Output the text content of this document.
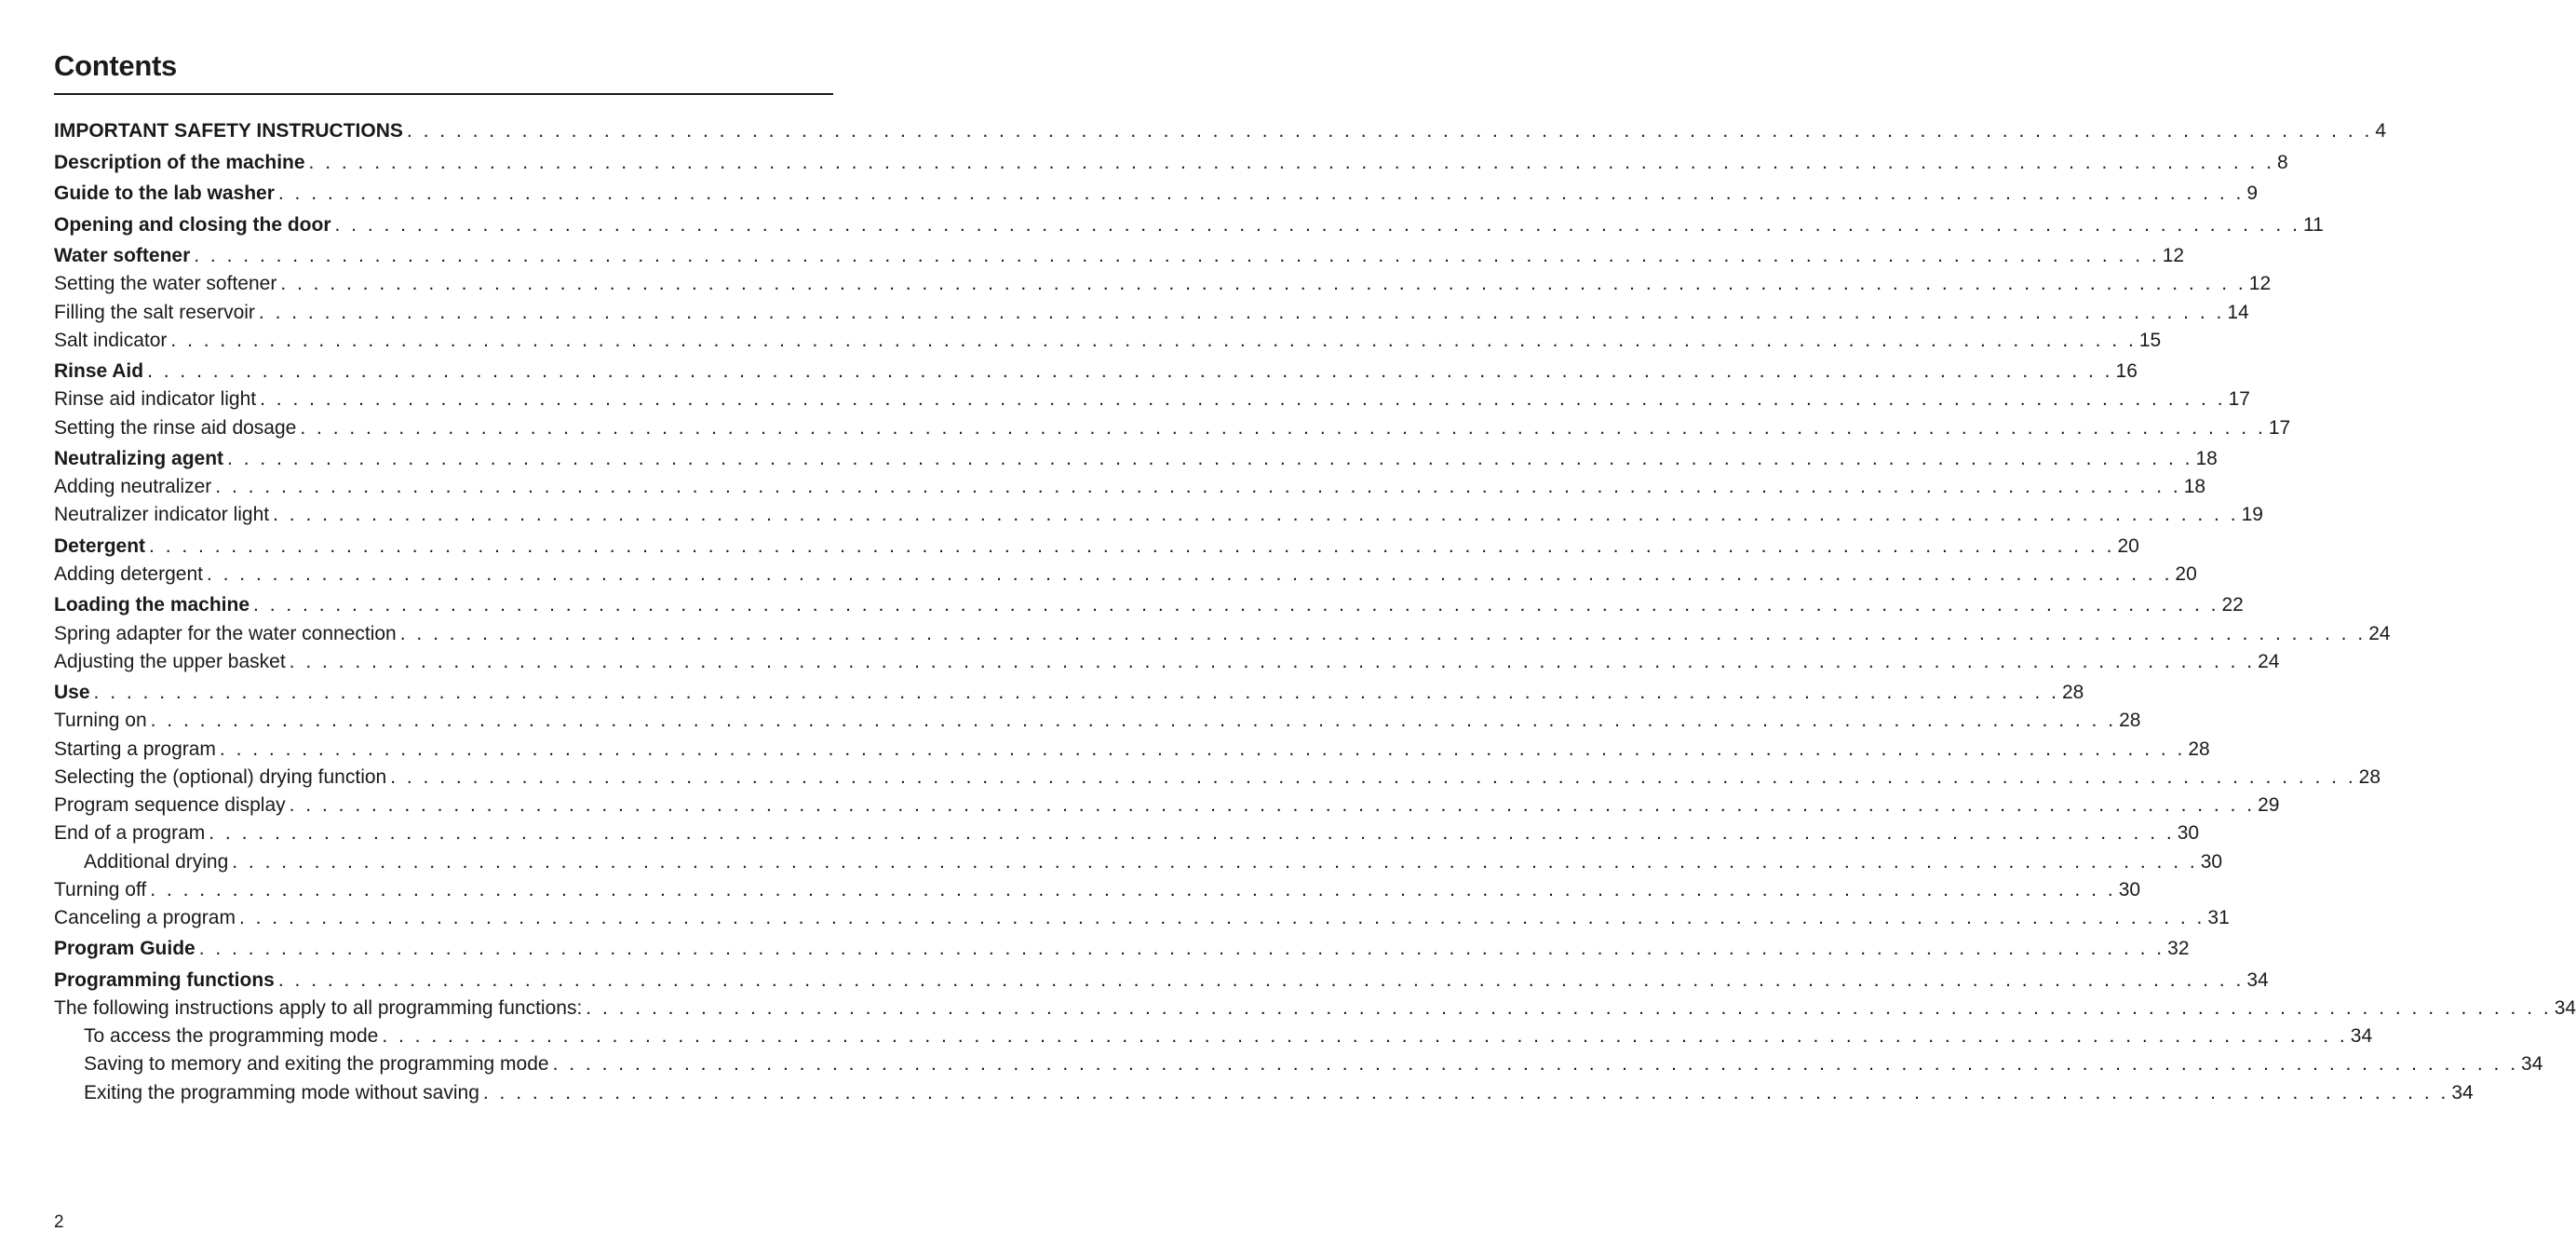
Contents
IMPORTANT SAFETY INSTRUCTIONS . . . . . . . . . . . . . . . . . . . . . . . . . . . . . . . . . . . . . . . . . . . . . . . . . . . . . . . . . . . . . . . . . . . . . . . . . . . . . . . . . . . . . . . . . . . . . . . . . . . . . . . . . . . . . . . . . . . . . . . . 4
Description of the machine . . . . . . . . . . . . . . . . . . . . . . . . . . . . . . . . . . . . . . . . . . . . . . . . . . . . . . . . . . . . . . . . . . . . . . . . . . . . . . . . . . . . . . . . . . . . . . . . . . . . . . . . . . . . . . . . . . . . . . . . 8
Guide to the lab washer . . . . . . . . . . . . . . . . . . . . . . . . . . . . . . . . . . . . . . . . . . . . . . . . . . . . . . . . . . . . . . . . . . . . . . . . . . . . . . . . . . . . . . . . . . . . . . . . . . . . . . . . . . . . . . . . . . . . . . . . 9
Opening and closing the door . . . . . . . . . . . . . . . . . . . . . . . . . . . . . . . . . . . . . . . . . . . . . . . . . . . . . . . . . . . . . . . . . . . . . . . . . . . . . . . . . . . . . . . . . . . . . . . . . . . . . . . . . . . . . . . . . . . . . . . . 11
Water softener . . . . . . . . . . . . . . . . . . . . . . . . . . . . . . . . . . . . . . . . . . . . . . . . . . . . . . . . . . . . . . . . . . . . . . . . . . . . . . . . . . . . . . . . . . . . . . . . . . . . . . . . . . . . . . . . . . . . . . . . 12
Setting the water softener . . . . . . . . . . . . . . . . . . . . . . . . . . . . . . . . . . . . . . . . . . . . . . . . . . . . . . . . . . . . . . . . . . . . . . . . . . . . . . . . . . . . . . . . . . . . . . . . . . . . . . . . . . . . . . . . . . . . . . . . 12
Filling the salt reservoir . . . . . . . . . . . . . . . . . . . . . . . . . . . . . . . . . . . . . . . . . . . . . . . . . . . . . . . . . . . . . . . . . . . . . . . . . . . . . . . . . . . . . . . . . . . . . . . . . . . . . . . . . . . . . . . . . . . . . . . . 14
Salt indicator . . . . . . . . . . . . . . . . . . . . . . . . . . . . . . . . . . . . . . . . . . . . . . . . . . . . . . . . . . . . . . . . . . . . . . . . . . . . . . . . . . . . . . . . . . . . . . . . . . . . . . . . . . . . . . . . . . . . . . . . 15
Rinse Aid . . . . . . . . . . . . . . . . . . . . . . . . . . . . . . . . . . . . . . . . . . . . . . . . . . . . . . . . . . . . . . . . . . . . . . . . . . . . . . . . . . . . . . . . . . . . . . . . . . . . . . . . . . . . . . . . . . . . . . . . 16
Rinse aid indicator light . . . . . . . . . . . . . . . . . . . . . . . . . . . . . . . . . . . . . . . . . . . . . . . . . . . . . . . . . . . . . . . . . . . . . . . . . . . . . . . . . . . . . . . . . . . . . . . . . . . . . . . . . . . . . . . . . . . . . . . . 17
Setting the rinse aid dosage . . . . . . . . . . . . . . . . . . . . . . . . . . . . . . . . . . . . . . . . . . . . . . . . . . . . . . . . . . . . . . . . . . . . . . . . . . . . . . . . . . . . . . . . . . . . . . . . . . . . . . . . . . . . . . . . . . . . . . . . 17
Neutralizing agent . . . . . . . . . . . . . . . . . . . . . . . . . . . . . . . . . . . . . . . . . . . . . . . . . . . . . . . . . . . . . . . . . . . . . . . . . . . . . . . . . . . . . . . . . . . . . . . . . . . . . . . . . . . . . . . . . . . . . . . . 18
Adding neutralizer . . . . . . . . . . . . . . . . . . . . . . . . . . . . . . . . . . . . . . . . . . . . . . . . . . . . . . . . . . . . . . . . . . . . . . . . . . . . . . . . . . . . . . . . . . . . . . . . . . . . . . . . . . . . . . . . . . . . . . . . 18
Neutralizer indicator light . . . . . . . . . . . . . . . . . . . . . . . . . . . . . . . . . . . . . . . . . . . . . . . . . . . . . . . . . . . . . . . . . . . . . . . . . . . . . . . . . . . . . . . . . . . . . . . . . . . . . . . . . . . . . . . . . . . . . . . . 19
Detergent . . . . . . . . . . . . . . . . . . . . . . . . . . . . . . . . . . . . . . . . . . . . . . . . . . . . . . . . . . . . . . . . . . . . . . . . . . . . . . . . . . . . . . . . . . . . . . . . . . . . . . . . . . . . . . . . . . . . . . . . 20
Adding detergent . . . . . . . . . . . . . . . . . . . . . . . . . . . . . . . . . . . . . . . . . . . . . . . . . . . . . . . . . . . . . . . . . . . . . . . . . . . . . . . . . . . . . . . . . . . . . . . . . . . . . . . . . . . . . . . . . . . . . . . . 20
Loading the machine . . . . . . . . . . . . . . . . . . . . . . . . . . . . . . . . . . . . . . . . . . . . . . . . . . . . . . . . . . . . . . . . . . . . . . . . . . . . . . . . . . . . . . . . . . . . . . . . . . . . . . . . . . . . . . . . . . . . . . . . 22
Spring adapter for the water connection . . . . . . . . . . . . . . . . . . . . . . . . . . . . . . . . . . . . . . . . . . . . . . . . . . . . . . . . . . . . . . . . . . . . . . . . . . . . . . . . . . . . . . . . . . . . . . . . . . . . . . . . . . . . . . . . . . . . . . . . 24
Adjusting the upper basket . . . . . . . . . . . . . . . . . . . . . . . . . . . . . . . . . . . . . . . . . . . . . . . . . . . . . . . . . . . . . . . . . . . . . . . . . . . . . . . . . . . . . . . . . . . . . . . . . . . . . . . . . . . . . . . . . . . . . . . . 24
Use . . . . . . . . . . . . . . . . . . . . . . . . . . . . . . . . . . . . . . . . . . . . . . . . . . . . . . . . . . . . . . . . . . . . . . . . . . . . . . . . . . . . . . . . . . . . . . . . . . . . . . . . . . . . . . . . . . . . . . . . 28
Turning on . . . . . . . . . . . . . . . . . . . . . . . . . . . . . . . . . . . . . . . . . . . . . . . . . . . . . . . . . . . . . . . . . . . . . . . . . . . . . . . . . . . . . . . . . . . . . . . . . . . . . . . . . . . . . . . . . . . . . . . . 28
Starting a program . . . . . . . . . . . . . . . . . . . . . . . . . . . . . . . . . . . . . . . . . . . . . . . . . . . . . . . . . . . . . . . . . . . . . . . . . . . . . . . . . . . . . . . . . . . . . . . . . . . . . . . . . . . . . . . . . . . . . . . . 28
Selecting the (optional) drying function . . . . . . . . . . . . . . . . . . . . . . . . . . . . . . . . . . . . . . . . . . . . . . . . . . . . . . . . . . . . . . . . . . . . . . . . . . . . . . . . . . . . . . . . . . . . . . . . . . . . . . . . . . . . . . . . . . . . . . . . 28
Program sequence display . . . . . . . . . . . . . . . . . . . . . . . . . . . . . . . . . . . . . . . . . . . . . . . . . . . . . . . . . . . . . . . . . . . . . . . . . . . . . . . . . . . . . . . . . . . . . . . . . . . . . . . . . . . . . . . . . . . . . . . . 29
End of a program . . . . . . . . . . . . . . . . . . . . . . . . . . . . . . . . . . . . . . . . . . . . . . . . . . . . . . . . . . . . . . . . . . . . . . . . . . . . . . . . . . . . . . . . . . . . . . . . . . . . . . . . . . . . . . . . . . . . . . . . 30
Additional drying . . . . . . . . . . . . . . . . . . . . . . . . . . . . . . . . . . . . . . . . . . . . . . . . . . . . . . . . . . . . . . . . . . . . . . . . . . . . . . . . . . . . . . . . . . . . . . . . . . . . . . . . . . . . . . . . . . . . . . . . 30
Turning off . . . . . . . . . . . . . . . . . . . . . . . . . . . . . . . . . . . . . . . . . . . . . . . . . . . . . . . . . . . . . . . . . . . . . . . . . . . . . . . . . . . . . . . . . . . . . . . . . . . . . . . . . . . . . . . . . . . . . . . . 30
Canceling a program . . . . . . . . . . . . . . . . . . . . . . . . . . . . . . . . . . . . . . . . . . . . . . . . . . . . . . . . . . . . . . . . . . . . . . . . . . . . . . . . . . . . . . . . . . . . . . . . . . . . . . . . . . . . . . . . . . . . . . . . 31
Program Guide . . . . . . . . . . . . . . . . . . . . . . . . . . . . . . . . . . . . . . . . . . . . . . . . . . . . . . . . . . . . . . . . . . . . . . . . . . . . . . . . . . . . . . . . . . . . . . . . . . . . . . . . . . . . . . . . . . . . . . . . 32
Programming functions . . . . . . . . . . . . . . . . . . . . . . . . . . . . . . . . . . . . . . . . . . . . . . . . . . . . . . . . . . . . . . . . . . . . . . . . . . . . . . . . . . . . . . . . . . . . . . . . . . . . . . . . . . . . . . . . . . . . . . . . 34
The following instructions apply to all programming functions: . . . . . . . . . . . . . . . . . . . . . . . . . . . . . . . . . . . . . . . . . . . . . . . . . . . . . . . . . . . . . . . . . . . . . . . . . . . . . . . . . . . . . . . . . . . . . . . . . . . . . . . . . . . . . . . . . . . . . . . . 34
To access the programming mode . . . . . . . . . . . . . . . . . . . . . . . . . . . . . . . . . . . . . . . . . . . . . . . . . . . . . . . . . . . . . . . . . . . . . . . . . . . . . . . . . . . . . . . . . . . . . . . . . . . . . . . . . . . . . . . . . . . . . . . . 34
Saving to memory and exiting the programming mode . . . . . . . . . . . . . . . . . . . . . . . . . . . . . . . . . . . . . . . . . . . . . . . . . . . . . . . . . . . . . . . . . . . . . . . . . . . . . . . . . . . . . . . . . . . . . . . . . . . . . . . . . . . . . . . . . . . . . . . . 34
Exiting the programming mode without saving . . . . . . . . . . . . . . . . . . . . . . . . . . . . . . . . . . . . . . . . . . . . . . . . . . . . . . . . . . . . . . . . . . . . . . . . . . . . . . . . . . . . . . . . . . . . . . . . . . . . . . . . . . . . . . . . . . . . . . . . 34
2
